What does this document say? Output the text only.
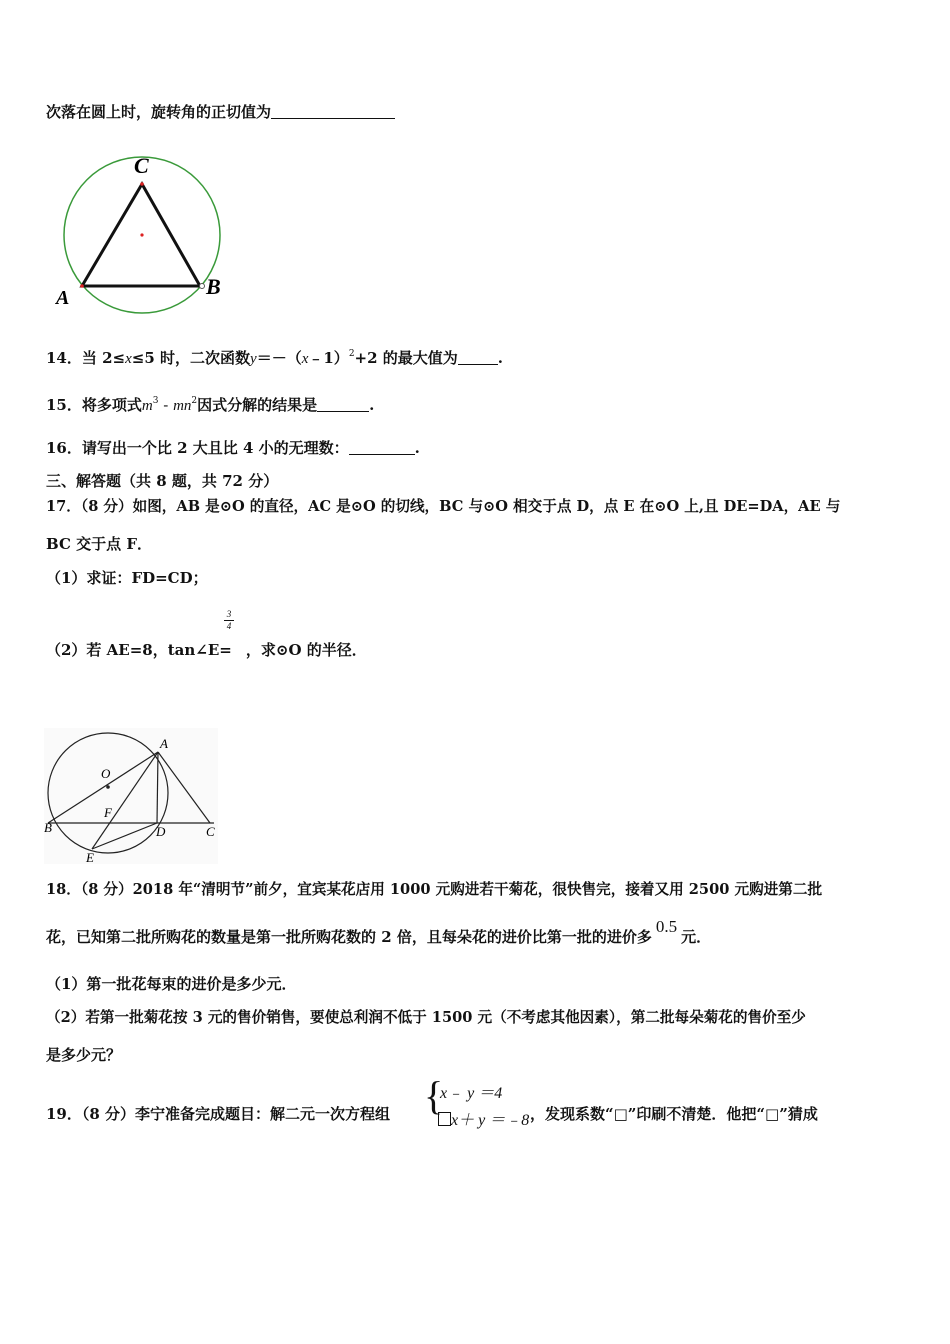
次落在圆上时，旋转角的正切值为
C
A	B
14．当 2≤x≤5 时，二次函数y＝－（x﹣1）$^2$+2 的最大值为	.
15．将多项式$m^3 - mn^2$因式分解的结果是	.
16．请写出一个比 2 大且比 4 小的无理数：	.
三、解答题（共 8 题，共 72 分）
17．（8 分）如图，AB 是⊙O 的直径，AC 是⊙O 的切线，BC 与⊙O 相交于点 D，点 E 在⊙O 上,且 DE=DA，AE 与
BC 交于点 F．
（1）求证：FD=CD；
3
4
（2）若 AE=8，tan∠E= ，求⊙O 的半径．
A
O
F
B	D	C
E
18．（8 分）2018 年“清明节”前夕，宜宾某花店用 1000 元购进若干菊花，很快售完，接着又用 2500 元购进第二批
花，已知第二批所购花的数量是第一批所购花数的 2 倍，且每朵花的进价比第一批的进价多0.5元．
（1）第一批花每束的进价是多少元．
（2）若第一批菊花按 3 元的售价销售，要使总利润不低于 1500 元（不考虑其他因素），第二批每朵菊花的售价至少
是多少元？
19．（8 分）李宁准备完成题目：解二元一次方程组 {
x﹣ y ＝4
x＋ y ＝﹣8 ，发现系数“□”印刷不清楚．他把“□”猜成
